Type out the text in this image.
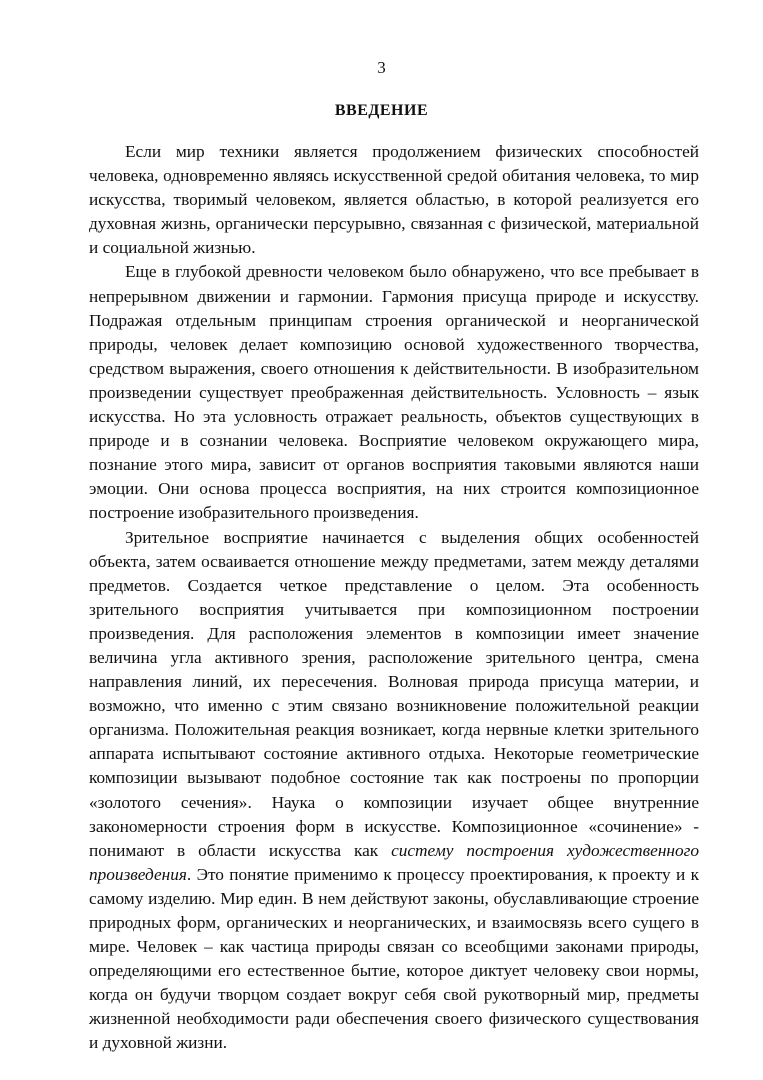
3
ВВЕДЕНИЕ

Если мир техники является продолжением физических способностей человека, одновременно являясь искусственной средой обитания человека, то мир искусства, творимый человеком, является областью, в которой реализуется его духовная жизнь, органически персурывно, связанная с физической, материальной и социальной жизнью.

Еще в глубокой древности человеком было обнаружено, что все пребывает в непрерывном движении и гармонии. Гармония присуща природе и искусству. Подражая отдельным принципам строения органической и неорганической природы, человек делает композицию основой художественного творчества, средством выражения, своего отношения к действительности. В изобразительном произведении существует преображенная действительность. Условность – язык искусства. Но эта условность отражает реальность, объектов существующих в природе и в сознании человека. Восприятие человеком окружающего мира, познание этого мира, зависит от органов восприятия таковыми являются наши эмоции. Они основа процесса восприятия, на них строится композиционное построение изобразительного произведения.

Зрительное восприятие начинается с выделения общих особенностей объекта, затем осваивается отношение между предметами, затем между деталями предметов. Создается четкое представление о целом. Эта особенность зрительного восприятия учитывается при композиционном построении произведения. Для расположения элементов в композиции имеет значение величина угла активного зрения, расположение зрительного центра, смена направления линий, их пересечения. Волновая природа присуща материи, и возможно, что именно с этим связано возникновение положительной реакции организма. Положительная реакция возникает, когда нервные клетки зрительного аппарата испытывают состояние активного отдыха. Некоторые геометрические композиции вызывают подобное состояние так как построены по пропорции «золотого сечения». Наука о композиции изучает общее внутренние закономерности строения форм в искусстве. Композиционное «сочинение» - понимают в области искусства как систему построения художественного произведения. Это понятие применимо к процессу проектирования, к проекту и к самому изделию. Мир един. В нем действуют законы, обуславливающие строение природных форм, органических и неорганических, и взаимосвязь всего сущего в мире. Человек – как частица природы связан со всеобщими законами природы, определяющими его естественное бытие, которое диктует человеку свои нормы, когда он будучи творцом создает вокруг себя свой рукотворный мир, предметы жизненной необходимости ради обеспечения своего физического существования и духовной жизни.
